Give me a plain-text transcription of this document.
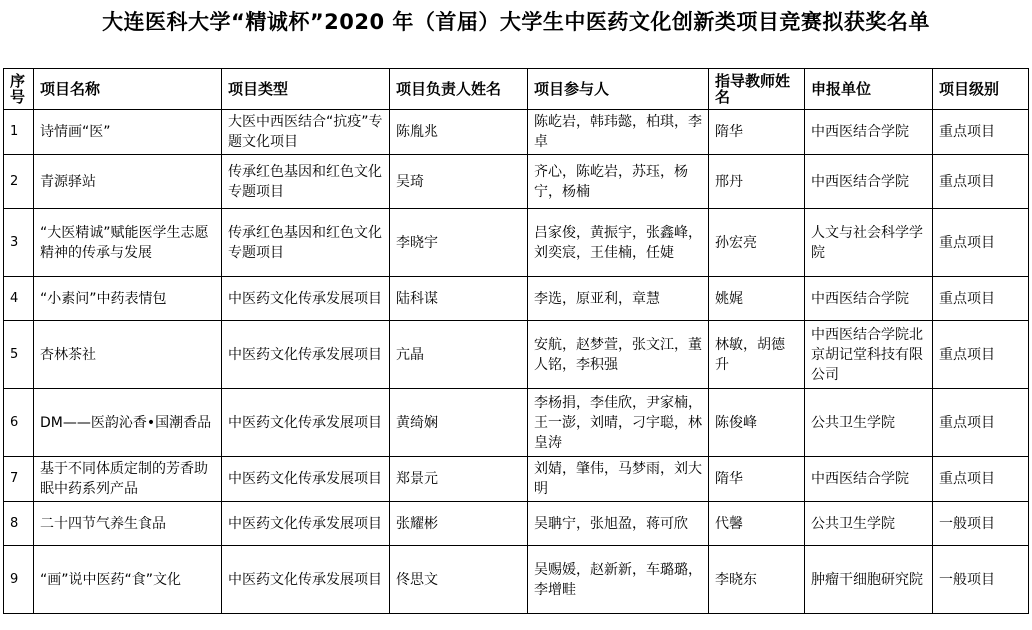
大连医科大学“精诚杯”2020 年（首届）大学生中医药文化创新类项目竞赛拟获奖名单
序号	项目名称	项目类型	项目负责人姓名	项目参与人	指导教师姓名	申报单位	项目级别
1	诗情画“医”	大医中西医结合“抗疫”专题文化项目	陈胤兆	陈屹岩，韩玮懿，柏琪，李卓	隋华	中西医结合学院	重点项目
2	青源驿站	传承红色基因和红色文化专题项目	吴琦	齐心，陈屹岩，苏珏，杨宁，杨楠	邢丹	中西医结合学院	重点项目
3	“大医精诚”赋能医学生志愿精神的传承与发展	传承红色基因和红色文化专题项目	李晓宇	吕家俊，黄振宇，张鑫峰，刘奕宸，王佳楠，任婕	孙宏亮	人文与社会科学学院	重点项目
4	“小素问”中药表情包	中医药文化传承发展项目	陆科谋	李选，原亚利，章慧	姚娓	中西医结合学院	重点项目
5	杏林茶社	中医药文化传承发展项目	亢晶	安航，赵梦萱，张文江，董人铭，李积强	林敏，胡德升	中西医结合学院北京胡记堂科技有限公司	重点项目
6	DM——医韵沁香•国潮香品	中医药文化传承发展项目	黄绮娴	李杨捐，李佳欣，尹家楠，王一澎，刘晴，刁宇聪，林皇涛	陈俊峰	公共卫生学院	重点项目
7	基于不同体质定制的芳香助眠中药系列产品	中医药文化传承发展项目	郑景元	刘婧，肇伟，马梦雨，刘大明	隋华	中西医结合学院	重点项目
8	二十四节气养生食品	中医药文化传承发展项目	张耀彬	吴聃宁，张旭盈，蒋可欣	代馨	公共卫生学院	一般项目
9	“画”说中医药“食”文化	中医药文化传承发展项目	佟思文	吴赐媛，赵新新，车璐璐，李增畦	李晓东	肿瘤干细胞研究院	一般项目
